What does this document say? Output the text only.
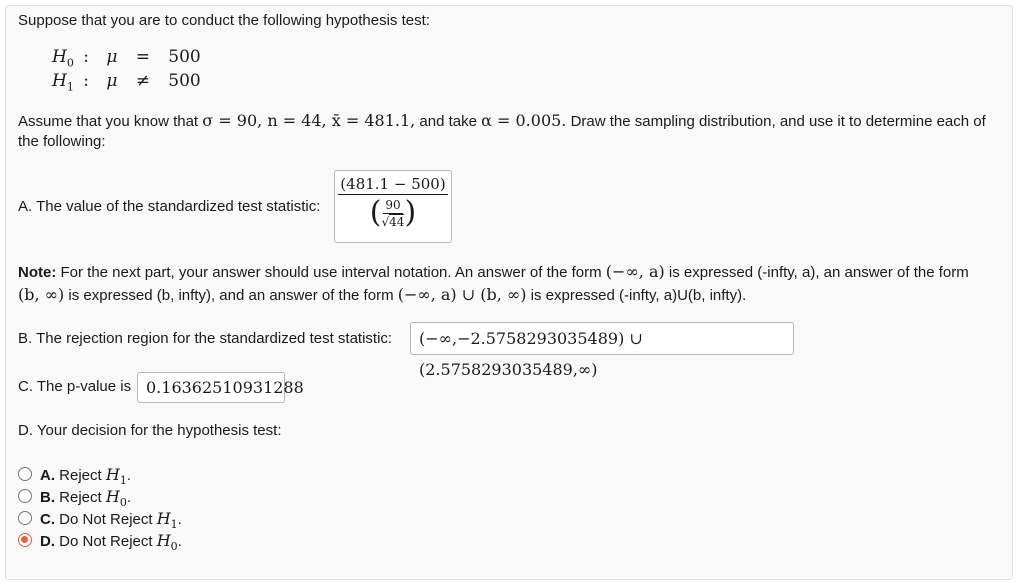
Suppose that you are to conduct the following hypothesis test:
$H_0$ : μ = 500
$H_1$ : μ ≠ 500
Assume that you know that σ = 90, n = 44, x̄ = 481.1, and take α = 0.005. Draw the sampling distribution, and use it to determine each of
the following:
A. The value of the standardized test statistic: $\frac{(481.1 - 500)}{( \frac{90}{√44} )}$
Note: For the next part, your answer should use interval notation. An answer of the form (−∞, a) is expressed (-infty, a), an answer of the form
(b, ∞) is expressed (b, infty), and an answer of the form (−∞, a) ∪ (b, ∞) is expressed (-infty, a)U(b, infty).
B. The rejection region for the standardized test statistic:	(−∞,−2.5758293035489) ∪ (2.5758293035489,∞)
C. The p-value is 0.16362510931288
D. Your decision for the hypothesis test:
A. Reject $H_1$.
B. Reject $H_0$.
C. Do Not Reject $H_1$.
D. Do Not Reject $H_0$.
